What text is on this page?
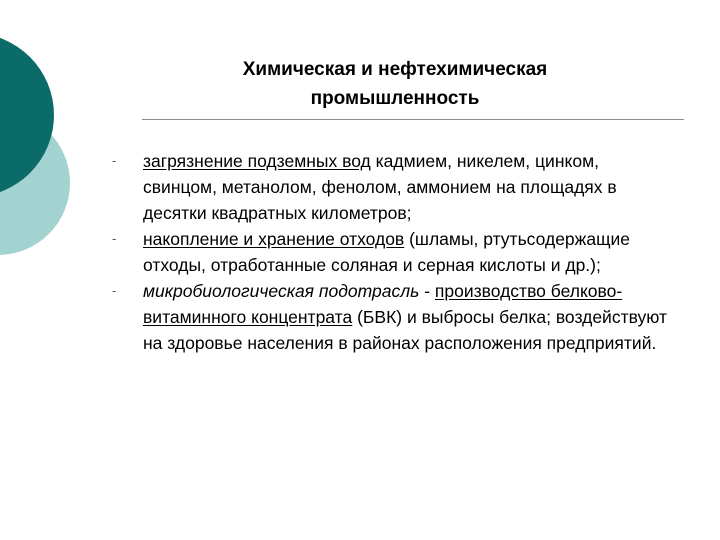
Химическая и нефтехимическая
промышленность
-	загрязнение подземных вод кадмием, никелем, цинком, свинцом, метанолом, фенолом, аммонием на площадях в десятки квадратных километров;
-	накопление и хранение отходов (шламы, ртутьсодержащие отходы, отработанные соляная и серная кислоты и др.);
-	микробиологическая подотрасль - производство белково-витаминного концентрата (БВК) и выбросы белка; воздействуют на здоровье населения в районах расположения предприятий.
